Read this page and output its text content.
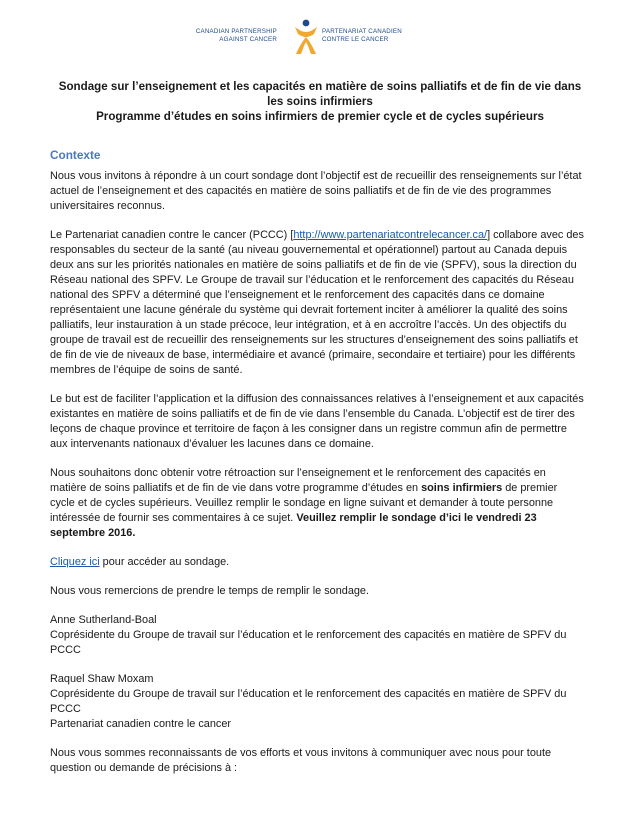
CANADIAN PARTNERSHIP
AGAINST CANCER
PARTENARIAT CANADIEN
CONTRE LE CANCER
Sondage sur l’enseignement et les capacités en matière de soins palliatifs et de fin de vie dans
les soins infirmiers
Programme d’études en soins infirmiers de premier cycle et de cycles supérieurs
Contexte

Nous vous invitons à répondre à un court sondage dont l’objectif est de recueillir des renseignements sur l’état actuel de l’enseignement et des capacités en matière de soins palliatifs et de fin de vie des programmes universitaires reconnus.

Le Partenariat canadien contre le cancer (PCCC) [http://www.partenariatcontrelecancer.ca/] collabore avec des responsables du secteur de la santé (au niveau gouvernemental et opérationnel) partout au Canada depuis deux ans sur les priorités nationales en matière de soins palliatifs et de fin de vie (SPFV), sous la direction du Réseau national des SPFV. Le Groupe de travail sur l’éducation et le renforcement des capacités du Réseau national des SPFV a déterminé que l’enseignement et le renforcement des capacités dans ce domaine représentaient une lacune générale du système qui devrait fortement inciter à améliorer la qualité des soins palliatifs, leur instauration à un stade précoce, leur intégration, et à en accroître l’accès. Un des objectifs du groupe de travail est de recueillir des renseignements sur les structures d’enseignement des soins palliatifs et de fin de vie de niveaux de base, intermédiaire et avancé (primaire, secondaire et tertiaire) pour les différents membres de l’équipe de soins de santé.

Le but est de faciliter l’application et la diffusion des connaissances relatives à l’enseignement et aux capacités existantes en matière de soins palliatifs et de fin de vie dans l’ensemble du Canada. L’objectif est de tirer des leçons de chaque province et territoire de façon à les consigner dans un registre commun afin de permettre aux intervenants nationaux d’évaluer les lacunes dans ce domaine.

Nous souhaitons donc obtenir votre rétroaction sur l’enseignement et le renforcement des capacités en matière de soins palliatifs et de fin de vie dans votre programme d’études en soins infirmiers de premier cycle et de cycles supérieurs. Veuillez remplir le sondage en ligne suivant et demander à toute personne intéressée de fournir ses commentaires à ce sujet. Veuillez remplir le sondage d’ici le vendredi 23 septembre 2016.

Cliquez ici pour accéder au sondage.

Nous vous remercions de prendre le temps de remplir le sondage.

Anne Sutherland-Boal
Coprésidente du Groupe de travail sur l’éducation et le renforcement des capacités en matière de SPFV du PCCC
Raquel Shaw Moxam
Coprésidente du Groupe de travail sur l’éducation et le renforcement des capacités en matière de SPFV du PCCC
Partenariat canadien contre le cancer

Nous vous sommes reconnaissants de vos efforts et vous invitons à communiquer avec nous pour toute question ou demande de précisions à :
